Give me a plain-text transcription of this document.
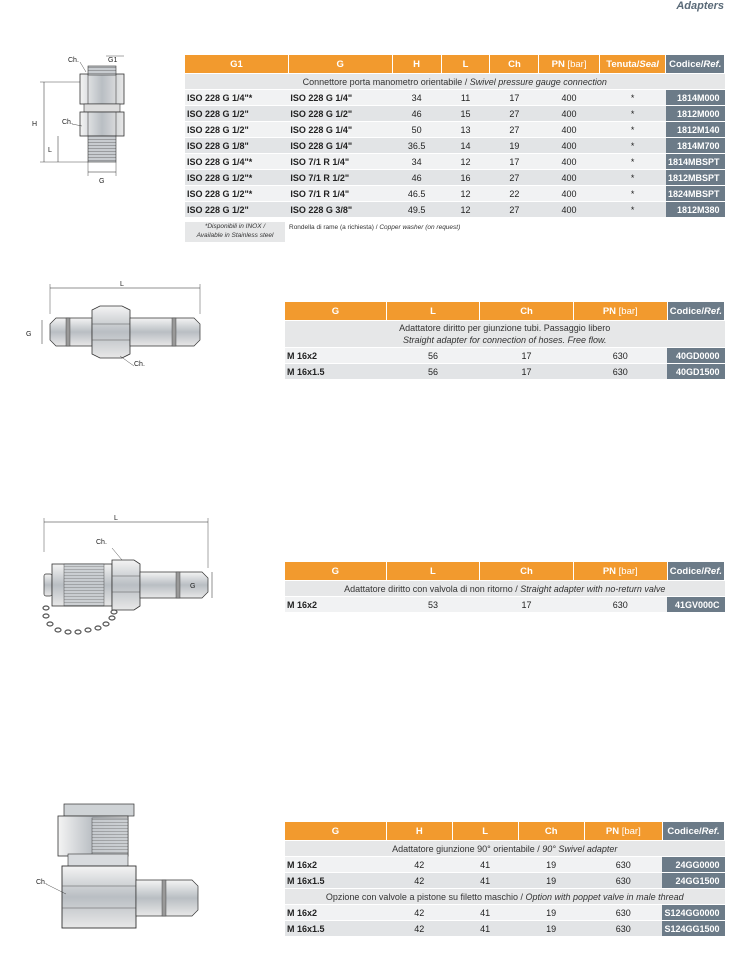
Adapters
Ch.	G1
H	Ch.
L
G
G1	G	H	L	Ch	PN [bar]	Tenuta/Seal	Codice/Ref.
Connettore porta manometro orientabile / Swivel pressure gauge connection							
ISO 228 G 1/4"*	ISO 228 G 1/4"	34	11	17	400	*	1814M000
ISO 228 G 1/2"	ISO 228 G 1/2"	46	15	27	400	*	1812M000
ISO 228 G 1/2"	ISO 228 G 1/4"	50	13	27	400	*	1812M140
ISO 228 G 1/8"	ISO 228 G 1/4"	36.5	14	19	400	*	1814M700
ISO 228 G 1/4"*	ISO 7/1 R 1/4"	34	12	17	400	*	1814MBSPT
ISO 228 G 1/2"*	ISO 7/1 R 1/2"	46	16	27	400	*	1812MBSPT
ISO 228 G 1/2"*	ISO 7/1 R 1/4"	46.5	12	22	400	*	1824MBSPT
ISO 228 G 1/2"	ISO 228 G 3/8"	49.5	12	27	400	*	1812M380
*Disponibili in INOX /
Available in Stainless steel
Rondella di rame (a richiesta) / Copper washer (on request)
L
G
Ch.
G	L	Ch	PN [bar]	Codice/Ref.

Adattatore diritto per giunzione tubi. Passaggio libero
Straight adapter for connection of hoses. Free flow.				

M 16x2	56	17	630	40GD0000
M 16x1.5	56	17	630	40GD1500
L
G
Ch.
G	L	Ch	PN [bar]	Codice/Ref.
Adattatore diritto con valvola di non ritorno / Straight adapter with no-return valve				
M 16x2	53	17	630	41GV000C
Ch.
G	H	L	Ch	PN [bar]	Codice/Ref.
Adattatore giunzione 90° orientabile / 90° Swivel adapter					
M 16x2	42	41	19	630	24GG0000
M 16x1.5	42	41	19	630	24GG1500
Opzione con valvole a pistone su filetto maschio / Option with poppet valve in male thread					
M 16x2	42	41	19	630	S124GG0000
M 16x1.5	42	41	19	630	S124GG1500
